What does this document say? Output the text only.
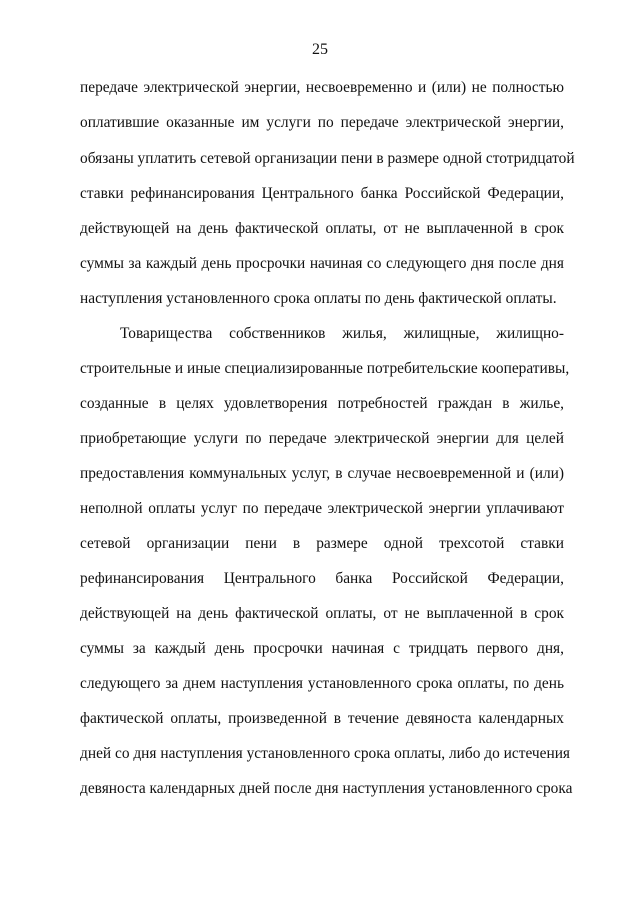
25
передаче электрической энергии, несвоевременно и (или) не полностью
оплатившие оказанные им услуги по передаче электрической энергии,
обязаны уплатить сетевой организации пени в размере одной стотридцатой
ставки рефинансирования Центрального банка Российской Федерации,
действующей на день фактической оплаты, от не выплаченной в срок
суммы за каждый день просрочки начиная со следующего дня после дня
наступления установленного срока оплаты по день фактической оплаты.
Товарищества собственников жилья, жилищные, жилищно-
строительные и иные специализированные потребительские кооперативы,
созданные в целях удовлетворения потребностей граждан в жилье,
приобретающие услуги по передаче электрической энергии для целей
предоставления коммунальных услуг, в случае несвоевременной и (или)
неполной оплаты услуг по передаче электрической энергии уплачивают
сетевой организации пени в размере одной трехсотой ставки
рефинансирования Центрального банка Российской Федерации,
действующей на день фактической оплаты, от не выплаченной в срок
суммы за каждый день просрочки начиная с тридцать первого дня,
следующего за днем наступления установленного срока оплаты, по день
фактической оплаты, произведенной в течение девяноста календарных
дней со дня наступления установленного срока оплаты, либо до истечения
девяноста календарных дней после дня наступления установленного срока
